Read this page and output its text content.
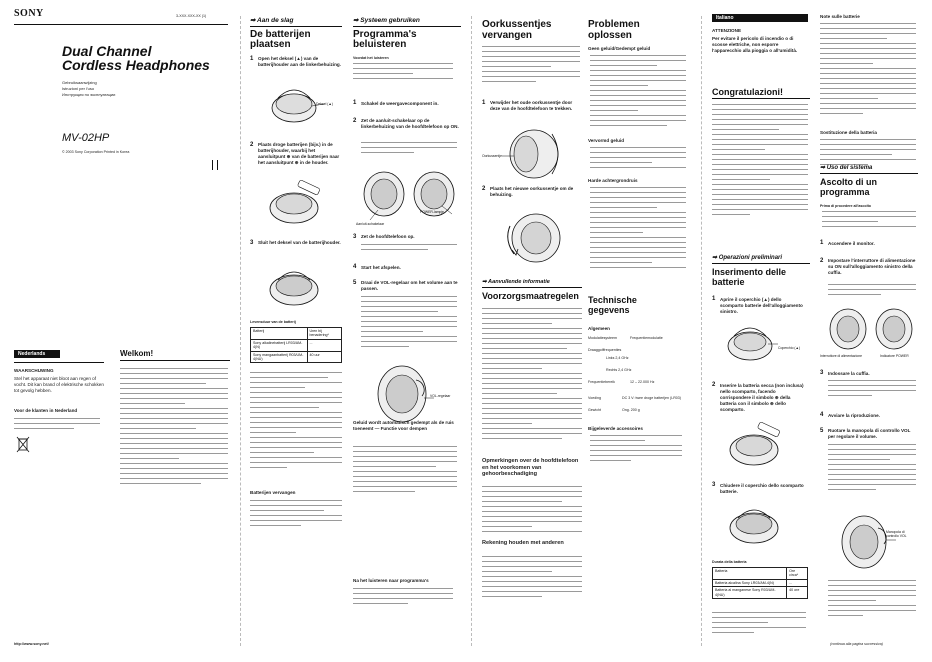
SONY	3-XXX-XXX-XX (1)
Dual Channel
Cordless Headphones
Gebruiksaanwijzing
Istruzioni per l'uso
Инструкция по эксплуатации
MV-02HP
© 2003 Sony Corporation Printed in Korea
Nederlands
WAARSCHUWING
Stel het apparaat niet bloot aan regen of vocht. Dit kan brand of elektrische schokken tot gevolg hebben.
Voor de klanten in Nederland
Welkom!
http://www.sony.net/
➡ Aan de slag
De batterijen plaatsen
1 Open het deksel (▲) van de batterijhouder aan de linkerbehuizing.
Deksel (▲)
2 Plaats droge batterijen (bijv.) in de batterijhouder, waarbij het aansluitpunt ⊕ van de batterijen naar het aansluitpunt ⊕ in de houder.
3 Sluit het deksel van de batterijhouder.
Levensduur van de batterij
Batterij	Uren bij benadering*
Sony alkalinebatterij LR03/AM-4(N)	...
Sony mangaanbatterij R03/UM-4(NU)	40 uur
Batterijen vervangen
➡ Systeem gebruiken
Programma's beluisteren
Voordat het luisteren
1 Schakel de weergavecomponent in.
2 Zet de aan/uit-schakelaar op de linkerbehuizing van de hoofdtelefoon op ON.
Aan/uit-schakelaar
POWER-lampje
3 Zet de hoofdtelefoon op.
4 Start het afspelen.
5 Draai de VOL-regelaar om het volume aan te passen.
VOL-regelaar
Geluid wordt automatisch gedempt als de ruis toeneemt — Functie voor dempen
Na het luisteren naar programma's
Oorkussentjes
vervangen
1 Verwijder het oude oorkussentje door deze van de hoofdtelefoon te trekken.
Oorkussentje
2 Plaats het nieuwe oorkussentje om de behuizing.
➡ Aanvullende informatie
Voorzorgsmaatregelen
Opmerkingen over de hoofdtelefoon en het voorkomen van gehoorbeschadiging
Rekening houden met anderen
Problemen
oplossen
Geen geluid/Gedempt geluid
Vervormd geluid
Harde achtergrondruis
Technische
gegevens
Algemeen
Modulatiesysteem	Frequentiemodulatie
Draaggolffrequenties
Links 2,4 GHz
Rechts 2,4 GHz
Frequentiebereik	12 – 22.000 Hz
Voeding	DC 3 V: twee droge batterijen (LR03)
Gewicht	Ong. 200 g
Bijgeleverde accessoires
Italiano
ATTENZIONE
Per evitare il pericolo di incendio o di scosse elettriche, non esporre l'apparecchio alla pioggia o all'umidità.
Congratulazioni!
➡ Operazioni preliminari
Inserimento delle
batterie
1 Aprire il coperchio (▲) dello scomparto batterie dell'alloggiamento sinistro.
Coperchio (▲)
2 Inserire la batteria secca (non inclusa) nello scomparto, facendo corrispondere il simbolo ⊕ della batteria con il simbolo ⊕ dello scomparto.
3 Chiudere il coperchio dello scomparto batterie.
Durata della batteria
Batteria	Ore circa*
Batteria alcalina Sony LR03/AM-4(N)	...
Batteria al manganese Sony R03/UM-4(NU)	40 ore
Note sulle batterie
Sostituzione della batteria
➡ Uso del sistema
Ascolto di un
programma
Prima di procedere all'ascolto
1 Accendere il monitor.
2 Impostare l'interruttore di alimentazione su ON sull'alloggiamento sinistro della cuffia.
Interruttore di alimentazione	Indicatore POWER
3 Indossare la cuffia.
4 Avviare la riproduzione.
5 Ruotare la manopola di controllo VOL per regolare il volume.
Manopola di controllo VOL
(continua alla pagina successiva)
